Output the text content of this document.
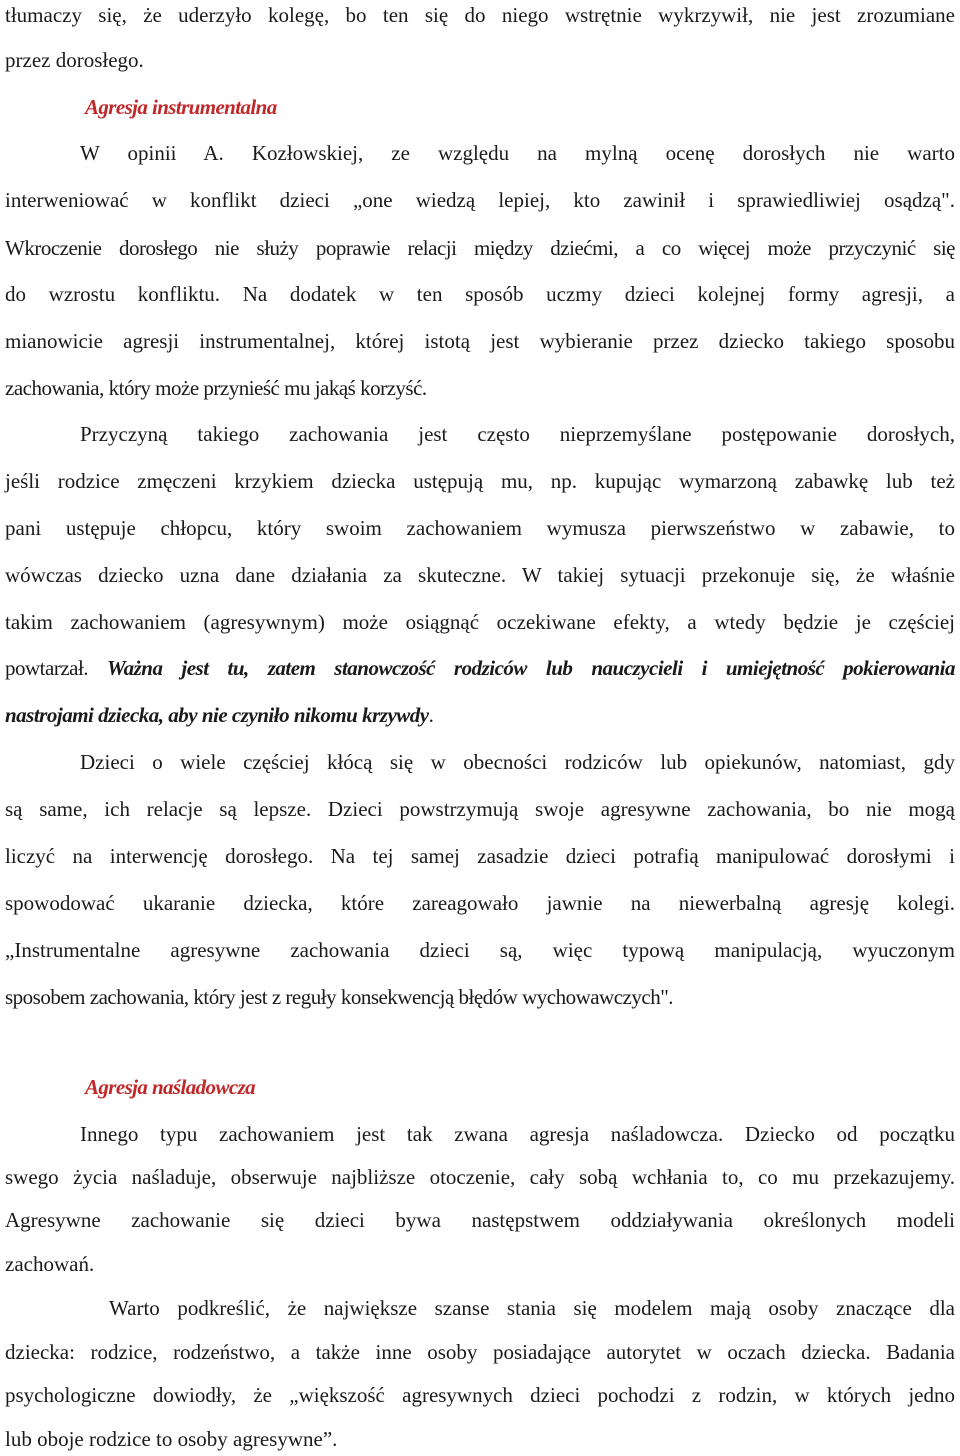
tłumaczy się, że uderzyło kolegę, bo ten się do niego wstrętnie wykrzywił, nie jest zrozumiane
przez dorosłego.
Agresja instrumentalna
W opinii A. Kozłowskiej, ze względu na mylną ocenę dorosłych nie warto
interweniować w konflikt dzieci „one wiedzą lepiej, kto zawinił i sprawiedliwiej osądzą".
Wkroczenie dorosłego nie służy poprawie relacji między dziećmi, a co więcej może przyczynić się
do wzrostu konfliktu. Na dodatek w ten sposób uczmy dzieci kolejnej formy agresji, a
mianowicie agresji instrumentalnej, której istotą jest wybieranie przez dziecko takiego sposobu
zachowania, który może przynieść mu jakąś korzyść.
Przyczyną takiego zachowania jest często nieprzemyślane postępowanie dorosłych,
jeśli rodzice zmęczeni krzykiem dziecka ustępują mu, np. kupując wymarzoną zabawkę lub też
pani ustępuje chłopcu, który swoim zachowaniem wymusza pierwszeństwo w zabawie, to
wówczas dziecko uzna dane działania za skuteczne. W takiej sytuacji przekonuje się, że właśnie
takim zachowaniem (agresywnym) może osiągnąć oczekiwane efekty, a wtedy będzie je częściej
powtarzał. Ważna jest tu, zatem stanowczość rodziców lub nauczycieli i umiejętność pokierowania
nastrojami dziecka, aby nie czyniło nikomu krzywdy.
Dzieci o wiele częściej kłócą się w obecności rodziców lub opiekunów, natomiast, gdy
są same, ich relacje są lepsze. Dzieci powstrzymują swoje agresywne zachowania, bo nie mogą
liczyć na interwencję dorosłego. Na tej samej zasadzie dzieci potrafią manipulować dorosłymi i
spowodować ukaranie dziecka, które zareagowało jawnie na niewerbalną agresję kolegi.
„Instrumentalne agresywne zachowania dzieci są, więc typową manipulacją, wyuczonym
sposobem zachowania, który jest z reguły konsekwencją błędów wychowawczych".
Agresja naśladowcza
Innego typu zachowaniem jest tak zwana agresja naśladowcza. Dziecko od początku
swego życia naśladuje, obserwuje najbliższe otoczenie, cały sobą wchłania to, co mu przekazujemy.
Agresywne zachowanie się dzieci bywa następstwem oddziaływania określonych modeli
zachowań.
Warto podkreślić, że największe szanse stania się modelem mają osoby znaczące dla
dziecka: rodzice, rodzeństwo, a także inne osoby posiadające autorytet w oczach dziecka. Badania
psychologiczne dowiodły, że „większość agresywnych dzieci pochodzi z rodzin, w których jedno
lub oboje rodzice to osoby agresywne”.
